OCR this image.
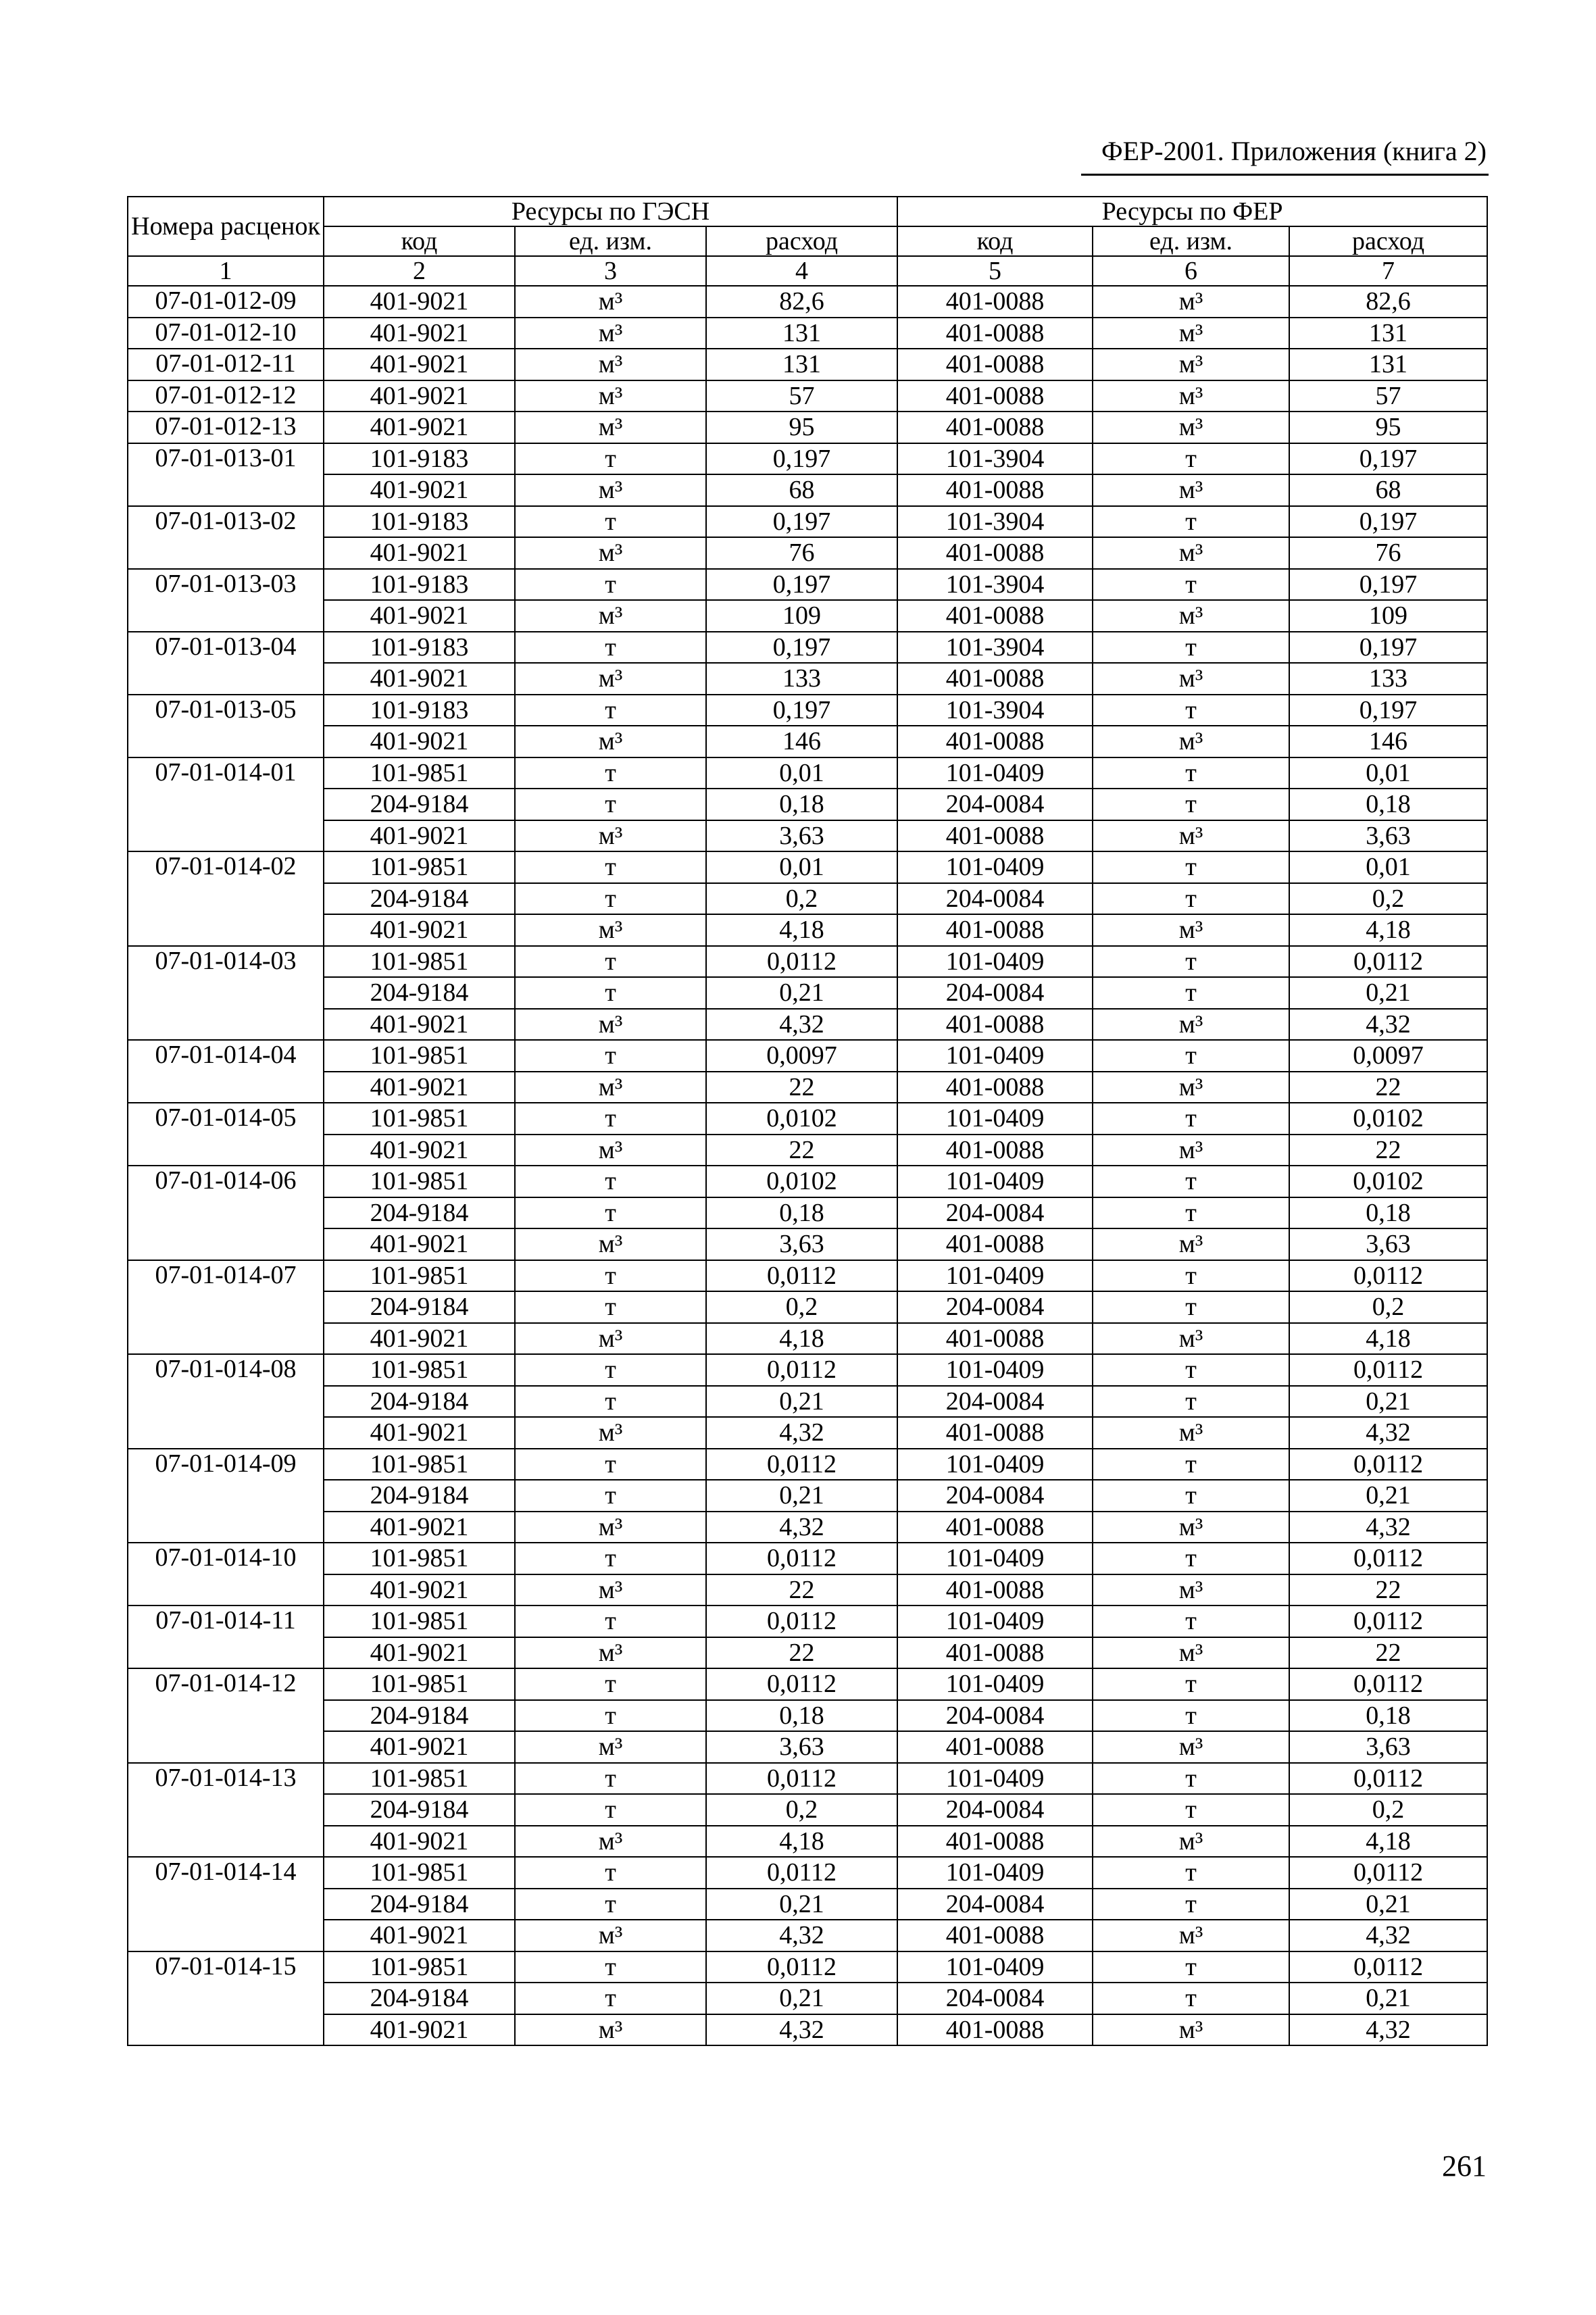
ФЕР-2001. Приложения (книга 2)
Номера расценок	Ресурсы по ГЭСН			Ресурсы по ФЕР		
	код	ед. изм.	расход	код	ед. изм.	расход
1	2	3	4	5	6	7
07-01-012-09	401-9021	м³	82,6	401-0088	м³	82,6
07-01-012-10	401-9021	м³	131	401-0088	м³	131
07-01-012-11	401-9021	м³	131	401-0088	м³	131
07-01-012-12	401-9021	м³	57	401-0088	м³	57
07-01-012-13	401-9021	м³	95	401-0088	м³	95
07-01-013-01	101-9183	т	0,197	101-3904	т	0,197
	401-9021	м³	68	401-0088	м³	68
07-01-013-02	101-9183	т	0,197	101-3904	т	0,197
	401-9021	м³	76	401-0088	м³	76
07-01-013-03	101-9183	т	0,197	101-3904	т	0,197
	401-9021	м³	109	401-0088	м³	109
07-01-013-04	101-9183	т	0,197	101-3904	т	0,197
	401-9021	м³	133	401-0088	м³	133
07-01-013-05	101-9183	т	0,197	101-3904	т	0,197
	401-9021	м³	146	401-0088	м³	146
07-01-014-01	101-9851	т	0,01	101-0409	т	0,01
	204-9184	т	0,18	204-0084	т	0,18
	401-9021	м³	3,63	401-0088	м³	3,63
07-01-014-02	101-9851	т	0,01	101-0409	т	0,01
	204-9184	т	0,2	204-0084	т	0,2
	401-9021	м³	4,18	401-0088	м³	4,18
07-01-014-03	101-9851	т	0,0112	101-0409	т	0,0112
	204-9184	т	0,21	204-0084	т	0,21
	401-9021	м³	4,32	401-0088	м³	4,32
07-01-014-04	101-9851	т	0,0097	101-0409	т	0,0097
	401-9021	м³	22	401-0088	м³	22
07-01-014-05	101-9851	т	0,0102	101-0409	т	0,0102
	401-9021	м³	22	401-0088	м³	22
07-01-014-06	101-9851	т	0,0102	101-0409	т	0,0102
	204-9184	т	0,18	204-0084	т	0,18
	401-9021	м³	3,63	401-0088	м³	3,63
07-01-014-07	101-9851	т	0,0112	101-0409	т	0,0112
	204-9184	т	0,2	204-0084	т	0,2
	401-9021	м³	4,18	401-0088	м³	4,18
07-01-014-08	101-9851	т	0,0112	101-0409	т	0,0112
	204-9184	т	0,21	204-0084	т	0,21
	401-9021	м³	4,32	401-0088	м³	4,32
07-01-014-09	101-9851	т	0,0112	101-0409	т	0,0112
	204-9184	т	0,21	204-0084	т	0,21
	401-9021	м³	4,32	401-0088	м³	4,32
07-01-014-10	101-9851	т	0,0112	101-0409	т	0,0112
	401-9021	м³	22	401-0088	м³	22
07-01-014-11	101-9851	т	0,0112	101-0409	т	0,0112
	401-9021	м³	22	401-0088	м³	22
07-01-014-12	101-9851	т	0,0112	101-0409	т	0,0112
	204-9184	т	0,18	204-0084	т	0,18
	401-9021	м³	3,63	401-0088	м³	3,63
07-01-014-13	101-9851	т	0,0112	101-0409	т	0,0112
	204-9184	т	0,2	204-0084	т	0,2
	401-9021	м³	4,18	401-0088	м³	4,18
07-01-014-14	101-9851	т	0,0112	101-0409	т	0,0112
	204-9184	т	0,21	204-0084	т	0,21
	401-9021	м³	4,32	401-0088	м³	4,32
07-01-014-15	101-9851	т	0,0112	101-0409	т	0,0112
	204-9184	т	0,21	204-0084	т	0,21
	401-9021	м³	4,32	401-0088	м³	4,32
261
